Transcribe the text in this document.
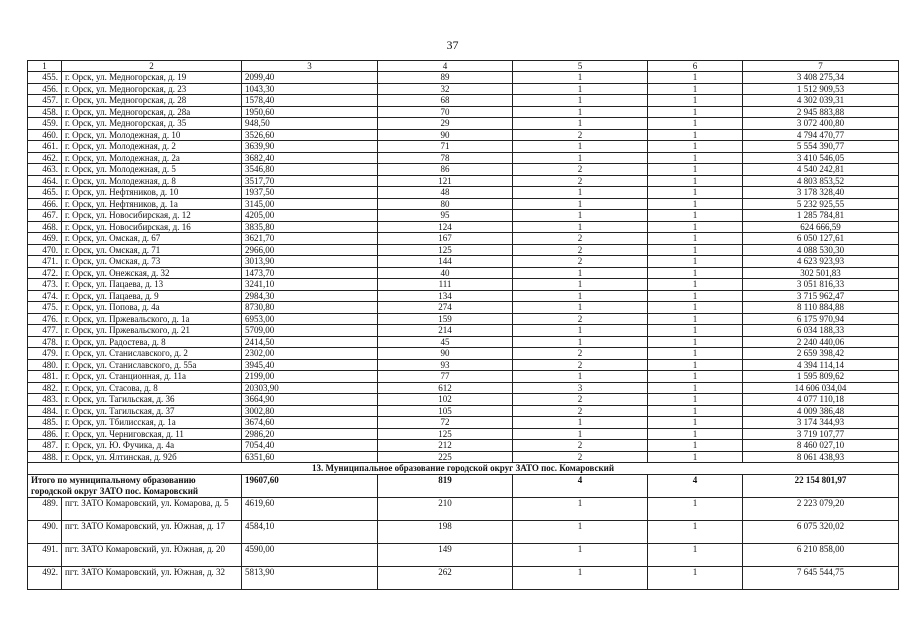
37
1	2	3	4	5	6	7
455.	г. Орск, ул. Медногорская, д. 19	2099,40	89	1	1	3 408 275,34
456.	г. Орск, ул. Медногорская, д. 23	1043,30	32	1	1	1 512 909,53
457.	г. Орск, ул. Медногорская, д. 28	1578,40	68	1	1	4 302 039,31
458.	г. Орск, ул. Медногорская, д. 28а	1950,60	70	1	1	2 945 883,88
459.	г. Орск, ул. Медногорская, д. 35	948,50	29	1	1	3 072 400,80
460.	г. Орск, ул. Молодежная, д. 10	3526,60	90	2	1	4 794 470,77
461.	г. Орск, ул. Молодежная, д. 2	3639,90	71	1	1	5 554 390,77
462.	г. Орск, ул. Молодежная, д. 2а	3682,40	78	1	1	3 410 546,05
463.	г. Орск, ул. Молодежная, д. 5	3546,80	86	2	1	4 540 242,81
464.	г. Орск, ул. Молодежная, д. 8	3517,70	121	2	1	4 803 853,52
465.	г. Орск, ул. Нефтяников, д. 10	1937,50	48	1	1	3 178 328,40
466.	г. Орск, ул. Нефтяников, д. 1а	3145,00	80	1	1	5 232 925,55
467.	г. Орск, ул. Новосибирская, д. 12	4205,00	95	1	1	1 285 784,81
468.	г. Орск, ул. Новосибирская, д. 16	3835,80	124	1	1	624 666,59
469.	г. Орск, ул. Омская, д. 67	3621,70	167	2	1	6 050 127,61
470.	г. Орск, ул. Омская, д. 71	2966,00	125	2	1	4 088 530,30
471.	г. Орск, ул. Омская, д. 73	3013,90	144	2	1	4 623 923,93
472.	г. Орск, ул. Онежская, д. 32	1473,70	40	1	1	302 501,83
473.	г. Орск, ул. Пацаева, д. 13	3241,10	111	1	1	3 051 816,33
474.	г. Орск, ул. Пацаева, д. 9	2984,30	134	1	1	3 715 962,47
475.	г. Орск, ул. Попова, д. 4а	8730,80	274	1	1	8 110 884,88
476.	г. Орск, ул. Пржевальского, д. 1а	6953,00	159	2	1	6 175 970,94
477.	г. Орск, ул. Пржевальского, д. 21	5709,00	214	1	1	6 034 188,33
478.	г. Орск, ул. Радостева, д. 8	2414,50	45	1	1	2 240 440,06
479.	г. Орск, ул. Станиславского, д. 2	2302,00	90	2	1	2 659 398,42
480.	г. Орск, ул. Станиславского, д. 55а	3945,40	93	2	1	4 394 114,14
481.	г. Орск, ул. Станционная, д. 11а	2199,00	77	1	1	1 595 809,62
482.	г. Орск, ул. Стасова, д. 8	20303,90	612	3	1	14 606 034,04
483.	г. Орск, ул. Тагильская, д. 36	3664,90	102	2	1	4 077 110,18
484.	г. Орск, ул. Тагильская, д. 37	3002,80	105	2	1	4 009 386,48
485.	г. Орск, ул. Тбилисская, д. 1а	3674,60	72	1	1	3 174 344,93
486.	г. Орск, ул. Черниговская, д. 11	2986,20	125	1	1	3 719 107,77
487.	г. Орск, ул. Ю. Фучика, д. 4а	7054,40	212	2	1	8 460 027,10
488.	г. Орск, ул. Ялтинская, д. 92б	6351,60	225	2	1	8 061 438,93
13. Муниципальное образование городской округ ЗАТО пос. Комаровский						
Итого по муниципальному образованию городской округ ЗАТО пос. Комаровский		19607,60	819	4	4	22 154 801,97
489.	пгт. ЗАТО Комаровский, ул. Комарова, д. 5	4619,60	210	1	1	2 223 079,20
490.	пгт. ЗАТО Комаровский, ул. Южная, д. 17	4584,10	198	1	1	6 075 320,02
491.	пгт. ЗАТО Комаровский, ул. Южная, д. 20	4590,00	149	1	1	6 210 858,00
492.	пгт. ЗАТО Комаровский, ул. Южная, д. 32	5813,90	262	1	1	7 645 544,75
